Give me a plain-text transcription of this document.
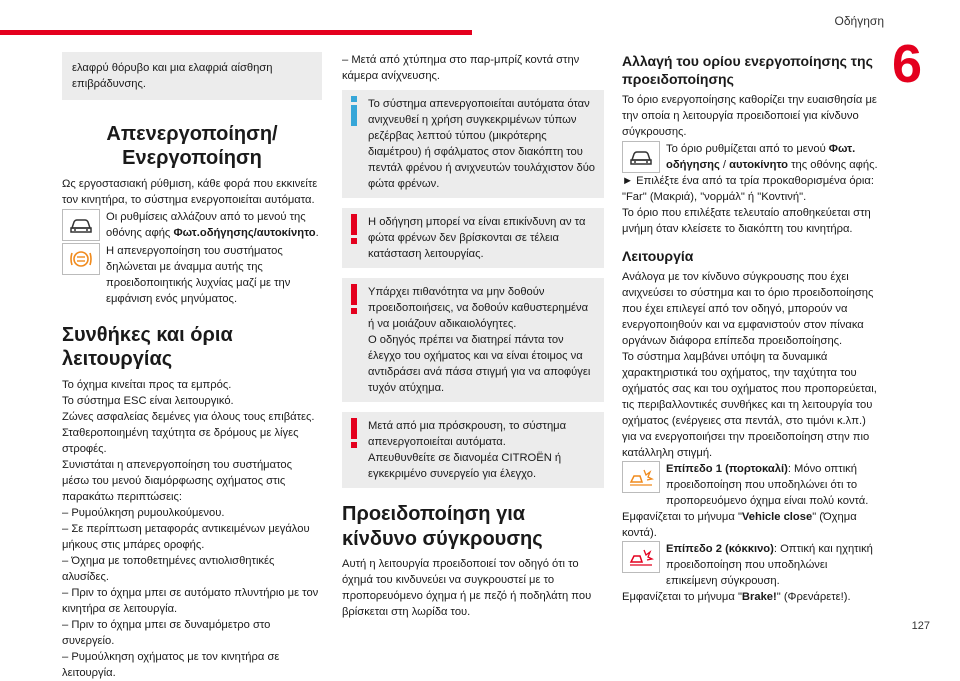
Οδήγηση
6
127

ελαφρύ θόρυβο και μια ελαφριά αίσθηση επιβράδυνσης.

Απενεργοποίηση/ Ενεργοποίηση

Ως εργοστασιακή ρύθμιση, κάθε φορά που εκκινείτε τον κινητήρα, το σύστημα ενεργοποιείται αυτόματα.

Οι ρυθμίσεις αλλάζουν από το μενού της οθόνης αφής Φωτ.οδήγησης/αυτοκίνητο.

Η απενεργοποίηση του συστήματος δηλώνεται με άναμμα αυτής της προειδοποιητικής λυχνίας μαζί με την εμφάνιση ενός μηνύματος.

Συνθήκες και όρια λειτουργίας

Το όχημα κινείται προς τα εμπρός.

Το σύστημα ESC είναι λειτουργικό.

Ζώνες ασφαλείας δεμένες για όλους τους επιβάτες.

Σταθεροποιημένη ταχύτητα σε δρόμους με λίγες στροφές.

Συνιστάται η απενεργοποίηση του συστήματος μέσω του μενού διαμόρφωσης οχήματος στις παρακάτω περιπτώσεις:

– Ρυμούλκηση ρυμουλκούμενου.

– Σε περίπτωση μεταφοράς αντικειμένων μεγάλου μήκους στις μπάρες οροφής.

– Όχημα με τοποθετημένες αντιολισθητικές αλυσίδες.

– Πριν το όχημα μπει σε αυτόματο πλυντήριο με τον κινητήρα σε λειτουργία.

– Πριν το όχημα μπει σε δυναμόμετρο στο συνεργείο.

– Ρυμούλκηση οχήματος με τον κινητήρα σε λειτουργία.

– Μετά από χτύπημα στο παρ-μπρίζ κοντά στην κάμερα ανίχνευσης.

Το σύστημα απενεργοποιείται αυτόματα όταν ανιχνευθεί η χρήση συγκεκριμένων τύπων ρεζέρβας λεπτού τύπου (μικρότερης διαμέτρου) ή σφάλματος στον διακόπτη του πεντάλ φρένου ή ανιχνευτών τουλάχιστον δύο φώτα φρένων.

Η οδήγηση μπορεί να είναι επικίνδυνη αν τα φώτα φρένων δεν βρίσκονται σε τέλεια κατάσταση λειτουργίας.

Υπάρχει πιθανότητα να μην δοθούν προειδοποιήσεις, να δοθούν καθυστερημένα ή να μοιάζουν αδικαιολόγητες.

Ο οδηγός πρέπει να διατηρεί πάντα τον έλεγχο του οχήματος και να είναι έτοιμος να αντιδράσει ανά πάσα στιγμή για να αποφύγει τυχόν ατύχημα.

Μετά από μια πρόσκρουση, το σύστημα απενεργοποιείται αυτόματα.

Απευθυνθείτε σε διανομέα CITROËN ή εγκεκριμένο συνεργείο για έλεγχο.

Προειδοποίηση για κίνδυνο σύγκρουσης

Αυτή η λειτουργία προειδοποιεί τον οδηγό ότι το όχημά του κινδυνεύει να συγκρουστεί με το προπορευόμενο όχημα ή με πεζό ή ποδηλάτη που βρίσκεται στη λωρίδα του.

Αλλαγή του ορίου ενεργοποίησης της προειδοποίησης

Το όριο ενεργοποίησης καθορίζει την ευαισθησία με την οποία η λειτουργία προειδοποιεί για κίνδυνο σύγκρουσης.

Το όριο ρυθμίζεται από το μενού Φωτ. οδήγησης / αυτοκίνητο της οθόνης αφής.

► Επιλέξτε ένα από τα τρία προκαθορισμένα όρια: "Far" (Μακριά), "νορμάλ" ή "Κοντινή".

Το όριο που επιλέξατε τελευταίο αποθηκεύεται στη μνήμη όταν κλείσετε το διακόπτη του κινητήρα.

Λειτουργία

Ανάλογα με τον κίνδυνο σύγκρουσης που έχει ανιχνεύσει το σύστημα και το όριο προειδοποίησης που έχει επιλεγεί από τον οδηγό, μπορούν να ενεργοποιηθούν και να εμφανιστούν στον πίνακα οργάνων διάφορα επίπεδα προειδοποίησης.

Το σύστημα λαμβάνει υπόψη τα δυναμικά χαρακτηριστικά του οχήματος, την ταχύτητα του οχήματός σας και του οχήματος που προπορεύεται, τις περιβαλλοντικές συνθήκες και τη λειτουργία του οχήματος (ενέργειες στα πεντάλ, στο τιμόνι κ.λπ.) για να ενεργοποιήσει την προειδοποίηση στην πιο κατάλληλη στιγμή.

Επίπεδο 1 (πορτοκαλί): Μόνο οπτική προειδοποίηση που υποδηλώνει ότι το προπορευόμενο όχημα είναι πολύ κοντά.

Εμφανίζεται το μήνυμα "Vehicle close" (Όχημα κοντά).

Επίπεδο 2 (κόκκινο): Οπτική και ηχητική προειδοποίηση που υποδηλώνει επικείμενη σύγκρουση.

Εμφανίζεται το μήνυμα "Brake!" (Φρενάρετε!).
